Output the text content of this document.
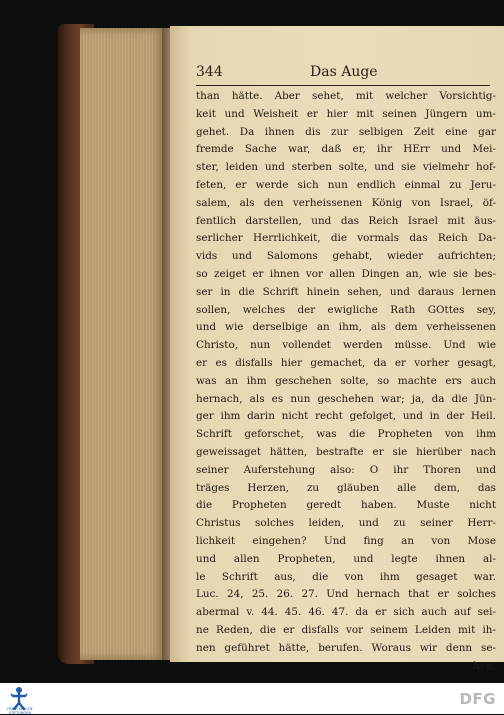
344	Das Auge
than hätte. Aber sehet, mit welcher Vorsichtig-
keit und Weisheit er hier mit seinen Jüngern um-
gehet. Da ihnen dis zur selbigen Zeit eine gar
fremde Sache war, daß er, ihr HErr und Mei-
ster, leiden und sterben solte, und sie vielmehr hof-
feten, er werde sich nun endlich einmal zu Jeru-
salem, als den verheissenen König von Israel, öf-
fentlich darstellen, und das Reich Israel mit äus-
serlicher Herrlichkeit, die vormals das Reich Da-
vids und Salomons gehabt, wieder aufrichten;
so zeiget er ihnen vor allen Dingen an, wie sie bes-
ser in die Schrift hinein sehen, und daraus lernen
sollen, welches der ewigliche Rath GOttes sey,
und wie derselbige an ihm, als dem verheissenen
Christo, nun vollendet werden müsse. Und wie
er es disfalls hier gemachet, da er vorher gesagt,
was an ihm geschehen solte, so machte ers auch
hernach, als es nun geschehen war; ja, da die Jün-
ger ihm darin nicht recht gefolget, und in der Heil.
Schrift geforschet, was die Propheten von ihm
geweissaget hätten, bestrafte er sie hierüber nach
seiner Auferstehung also: O ihr Thoren und
träges Herzen, zu gläuben alle dem, das
die Propheten geredt haben. Muste nicht
Christus solches leiden, und zu seiner Herr-
lichkeit eingehen? Und fing an von Mose
und allen Propheten, und legte ihnen al-
le Schrift aus, die von ihm gesaget war.
Luc. 24, 25. 26. 27. Und hernach that er solches
abermal v. 44. 45. 46. 47. da er sich auch auf sei-
ne Reden, die er disfalls vor seinem Leiden mit ih-
nen geführet hätte, berufen. Woraus wir denn se-
hen,
FRANCKESCHE
STIFTUNGEN
DFG
